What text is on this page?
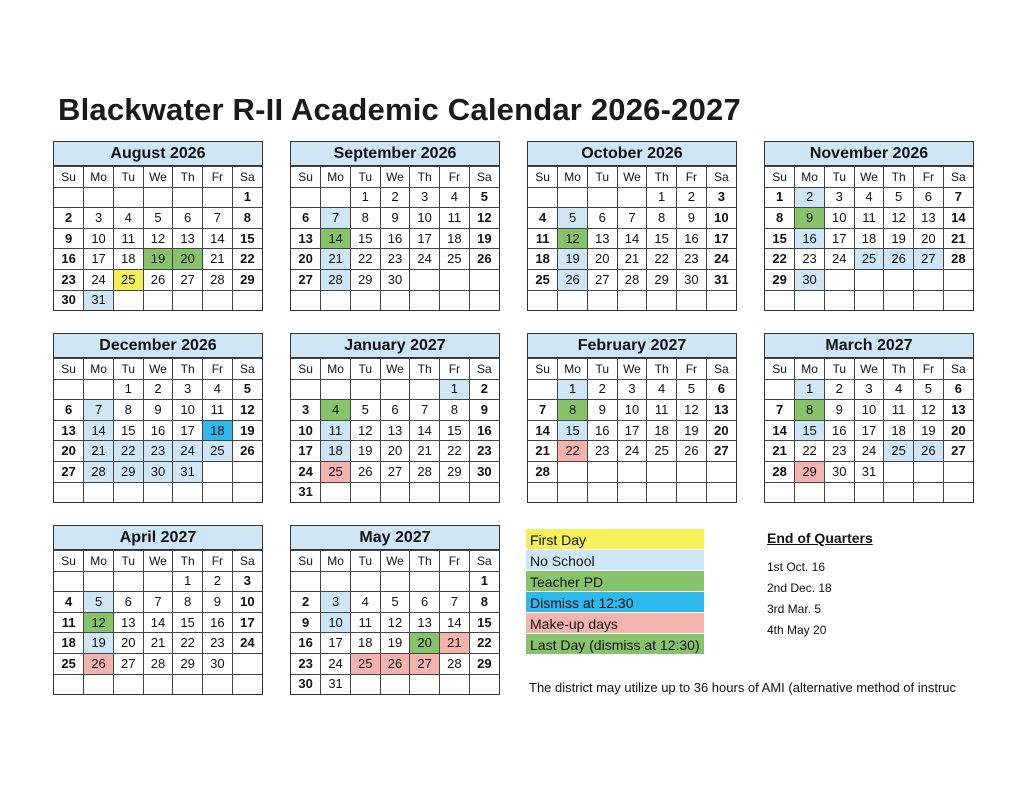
Blackwater R-II Academic Calendar 2026-2027
August 2026
Su	Mo	Tu	We	Th	Fr	Sa
						1
2	3	4	5	6	7	8
9	10	11	12	13	14	15
16	17	18	19	20	21	22
23	24	25	26	27	28	29
30	31					
September 2026
Su	Mo	Tu	We	Th	Fr	Sa
		1	2	3	4	5
6	7	8	9	10	11	12
13	14	15	16	17	18	19
20	21	22	23	24	25	26
27	28	29	30			

October 2026
Su	Mo	Tu	We	Th	Fr	Sa
				1	2	3
4	5	6	7	8	9	10
11	12	13	14	15	16	17
18	19	20	21	22	23	24
25	26	27	28	29	30	31

November 2026
Su	Mo	Tu	We	Th	Fr	Sa
1	2	3	4	5	6	7
8	9	10	11	12	13	14
15	16	17	18	19	20	21
22	23	24	25	26	27	28
29	30					

December 2026
Su	Mo	Tu	We	Th	Fr	Sa
		1	2	3	4	5
6	7	8	9	10	11	12
13	14	15	16	17	18	19
20	21	22	23	24	25	26
27	28	29	30	31		

January 2027
Su	Mo	Tu	We	Th	Fr	Sa
					1	2
3	4	5	6	7	8	9
10	11	12	13	14	15	16
17	18	19	20	21	22	23
24	25	26	27	28	29	30
31						
February 2027
Su	Mo	Tu	We	Th	Fr	Sa
	1	2	3	4	5	6
7	8	9	10	11	12	13
14	15	16	17	18	19	20
21	22	23	24	25	26	27
28						

March 2027
Su	Mo	Tu	We	Th	Fr	Sa
	1	2	3	4	5	6
7	8	9	10	11	12	13
14	15	16	17	18	19	20
21	22	23	24	25	26	27
28	29	30	31			

April 2027
Su	Mo	Tu	We	Th	Fr	Sa
				1	2	3
4	5	6	7	8	9	10
11	12	13	14	15	16	17
18	19	20	21	22	23	24
25	26	27	28	29	30	

May 2027
Su	Mo	Tu	We	Th	Fr	Sa
						1
2	3	4	5	6	7	8
9	10	11	12	13	14	15
16	17	18	19	20	21	22
23	24	25	26	27	28	29
30	31					
First Day
No School
Teacher PD
Dismiss at 12:30
Make-up days
Last Day (dismiss at 12:30)
End of Quarters
1st Oct. 16
2nd Dec. 18
3rd Mar. 5
4th May 20
The district may utilize up to 36 hours of AMI (alternative method of instruc
